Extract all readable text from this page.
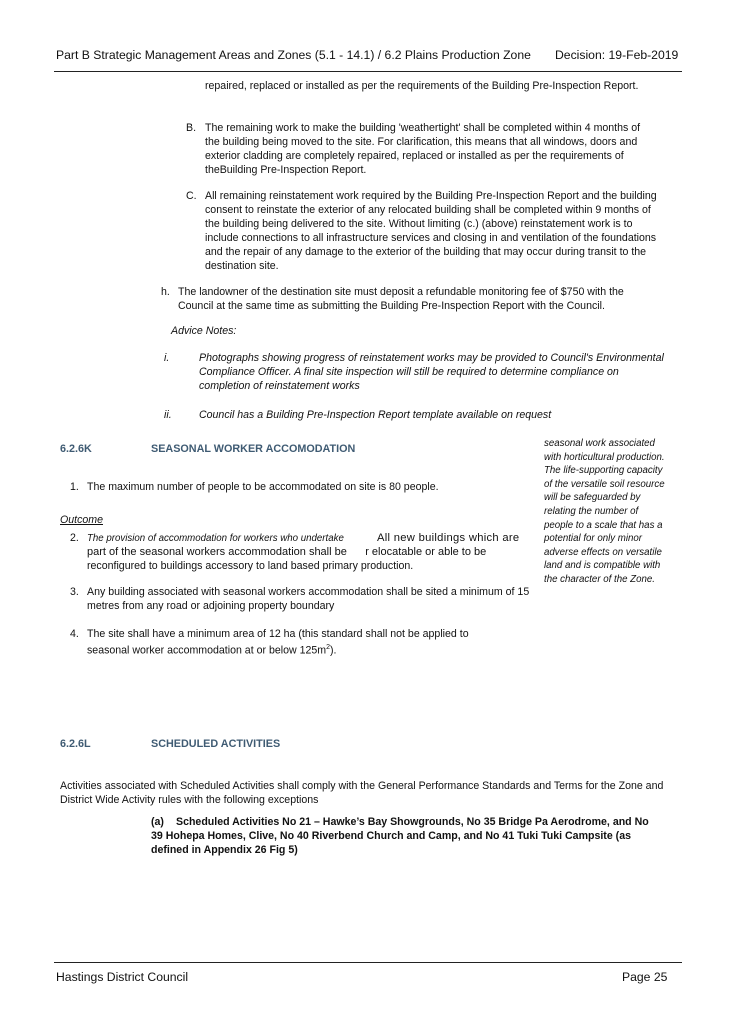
Part B Strategic Management Areas and Zones (5.1 - 14.1) / 6.2 Plains Production Zone Decision: 19-Feb-2019
repaired, replaced or installed as per the requirements of the Building Pre-Inspection Report.
B. The remaining work to make the building 'weathertight' shall be completed within 4 months of the building being moved to the site. For clarification, this means that all windows, doors and exterior cladding are completely repaired, replaced or installed as per the requirements of theBuilding Pre-Inspection Report.
C. All remaining reinstatement work required by the Building Pre-Inspection Report and the building consent to reinstate the exterior of any relocated building shall be completed within 9 months of the building being delivered to the site. Without limiting (c.) (above) reinstatement work is to include connections to all infrastructure services and closing in and ventilation of the foundations and the repair of any damage to the exterior of the building that may occur during transit to the destination site.
h. The landowner of the destination site must deposit a refundable monitoring fee of $750 with the Council at the same time as submitting the Building Pre-Inspection Report with the Council.
Advice Notes:
i.	Photographs showing progress of reinstatement works may be provided to Council's Environmental Compliance Officer. A final site inspection will still be required to determine compliance on completion of reinstatement works
ii.	Council has a Building Pre-Inspection Report template available on request
6.2.6K	SEASONAL WORKER ACCOMODATION	seasonal work associated with horticultural production. The life-supporting capacity of the versatile soil resource will be safeguarded by relating the number of people to a scale that has a potential for only minor adverse effects on versatile land and is compatible with the character of the Zone.
1. The maximum number of people to be accommodated on site is 80 people.
Outcome
2. The provision of accommodation for workers who undertake	All new buildings which are
part of the seasonal workers accommodation shall be      r elocatable or able to be
reconfigured to buildings accessory to land based primary production.
3. Any building associated with seasonal workers accommodation shall be sited a minimum of 15 metres from any road or adjoining property boundary
4. The site shall have a minimum area of 12 ha (this standard shall not be applied to
seasonal worker accommodation at or below $125m^2$).
6.2.6L	SCHEDULED ACTIVITIES
Activities associated with Scheduled Activities shall comply with the General Performance Standards and Terms for the Zone and District Wide Activity rules with the following exceptions
(a)	Scheduled Activities No 21 – Hawke’s Bay Showgrounds, No 35 Bridge Pa Aerodrome, and No 39 Hohepa Homes, Clive, No 40 Riverbend Church and Camp, and No 41 Tuki Tuki Campsite (as defined in Appendix 26 Fig 5)
Hastings District Council	Page 25
